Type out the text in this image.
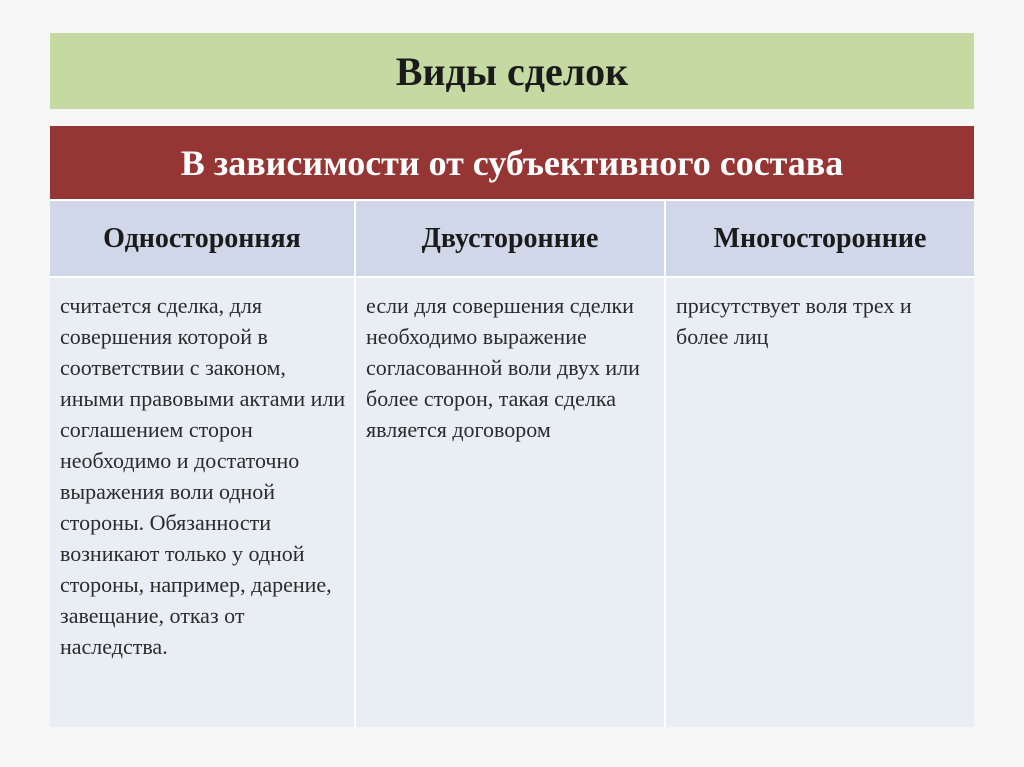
Виды сделок
В зависимости от субъективного состава
Односторонняя	Двусторонние	Многосторонние
считается сделка, для совершения которой в соответствии с законом, иными правовыми актами или соглашением сторон необходимо и достаточно выражения воли одной стороны. Обязанности возникают только у одной стороны, например, дарение, завещание, отказ от наследства.
если для совершения сделки необходимо выражение согласованной воли двух или более сторон, такая сделка является договором
присутствует воля трех и более лиц
